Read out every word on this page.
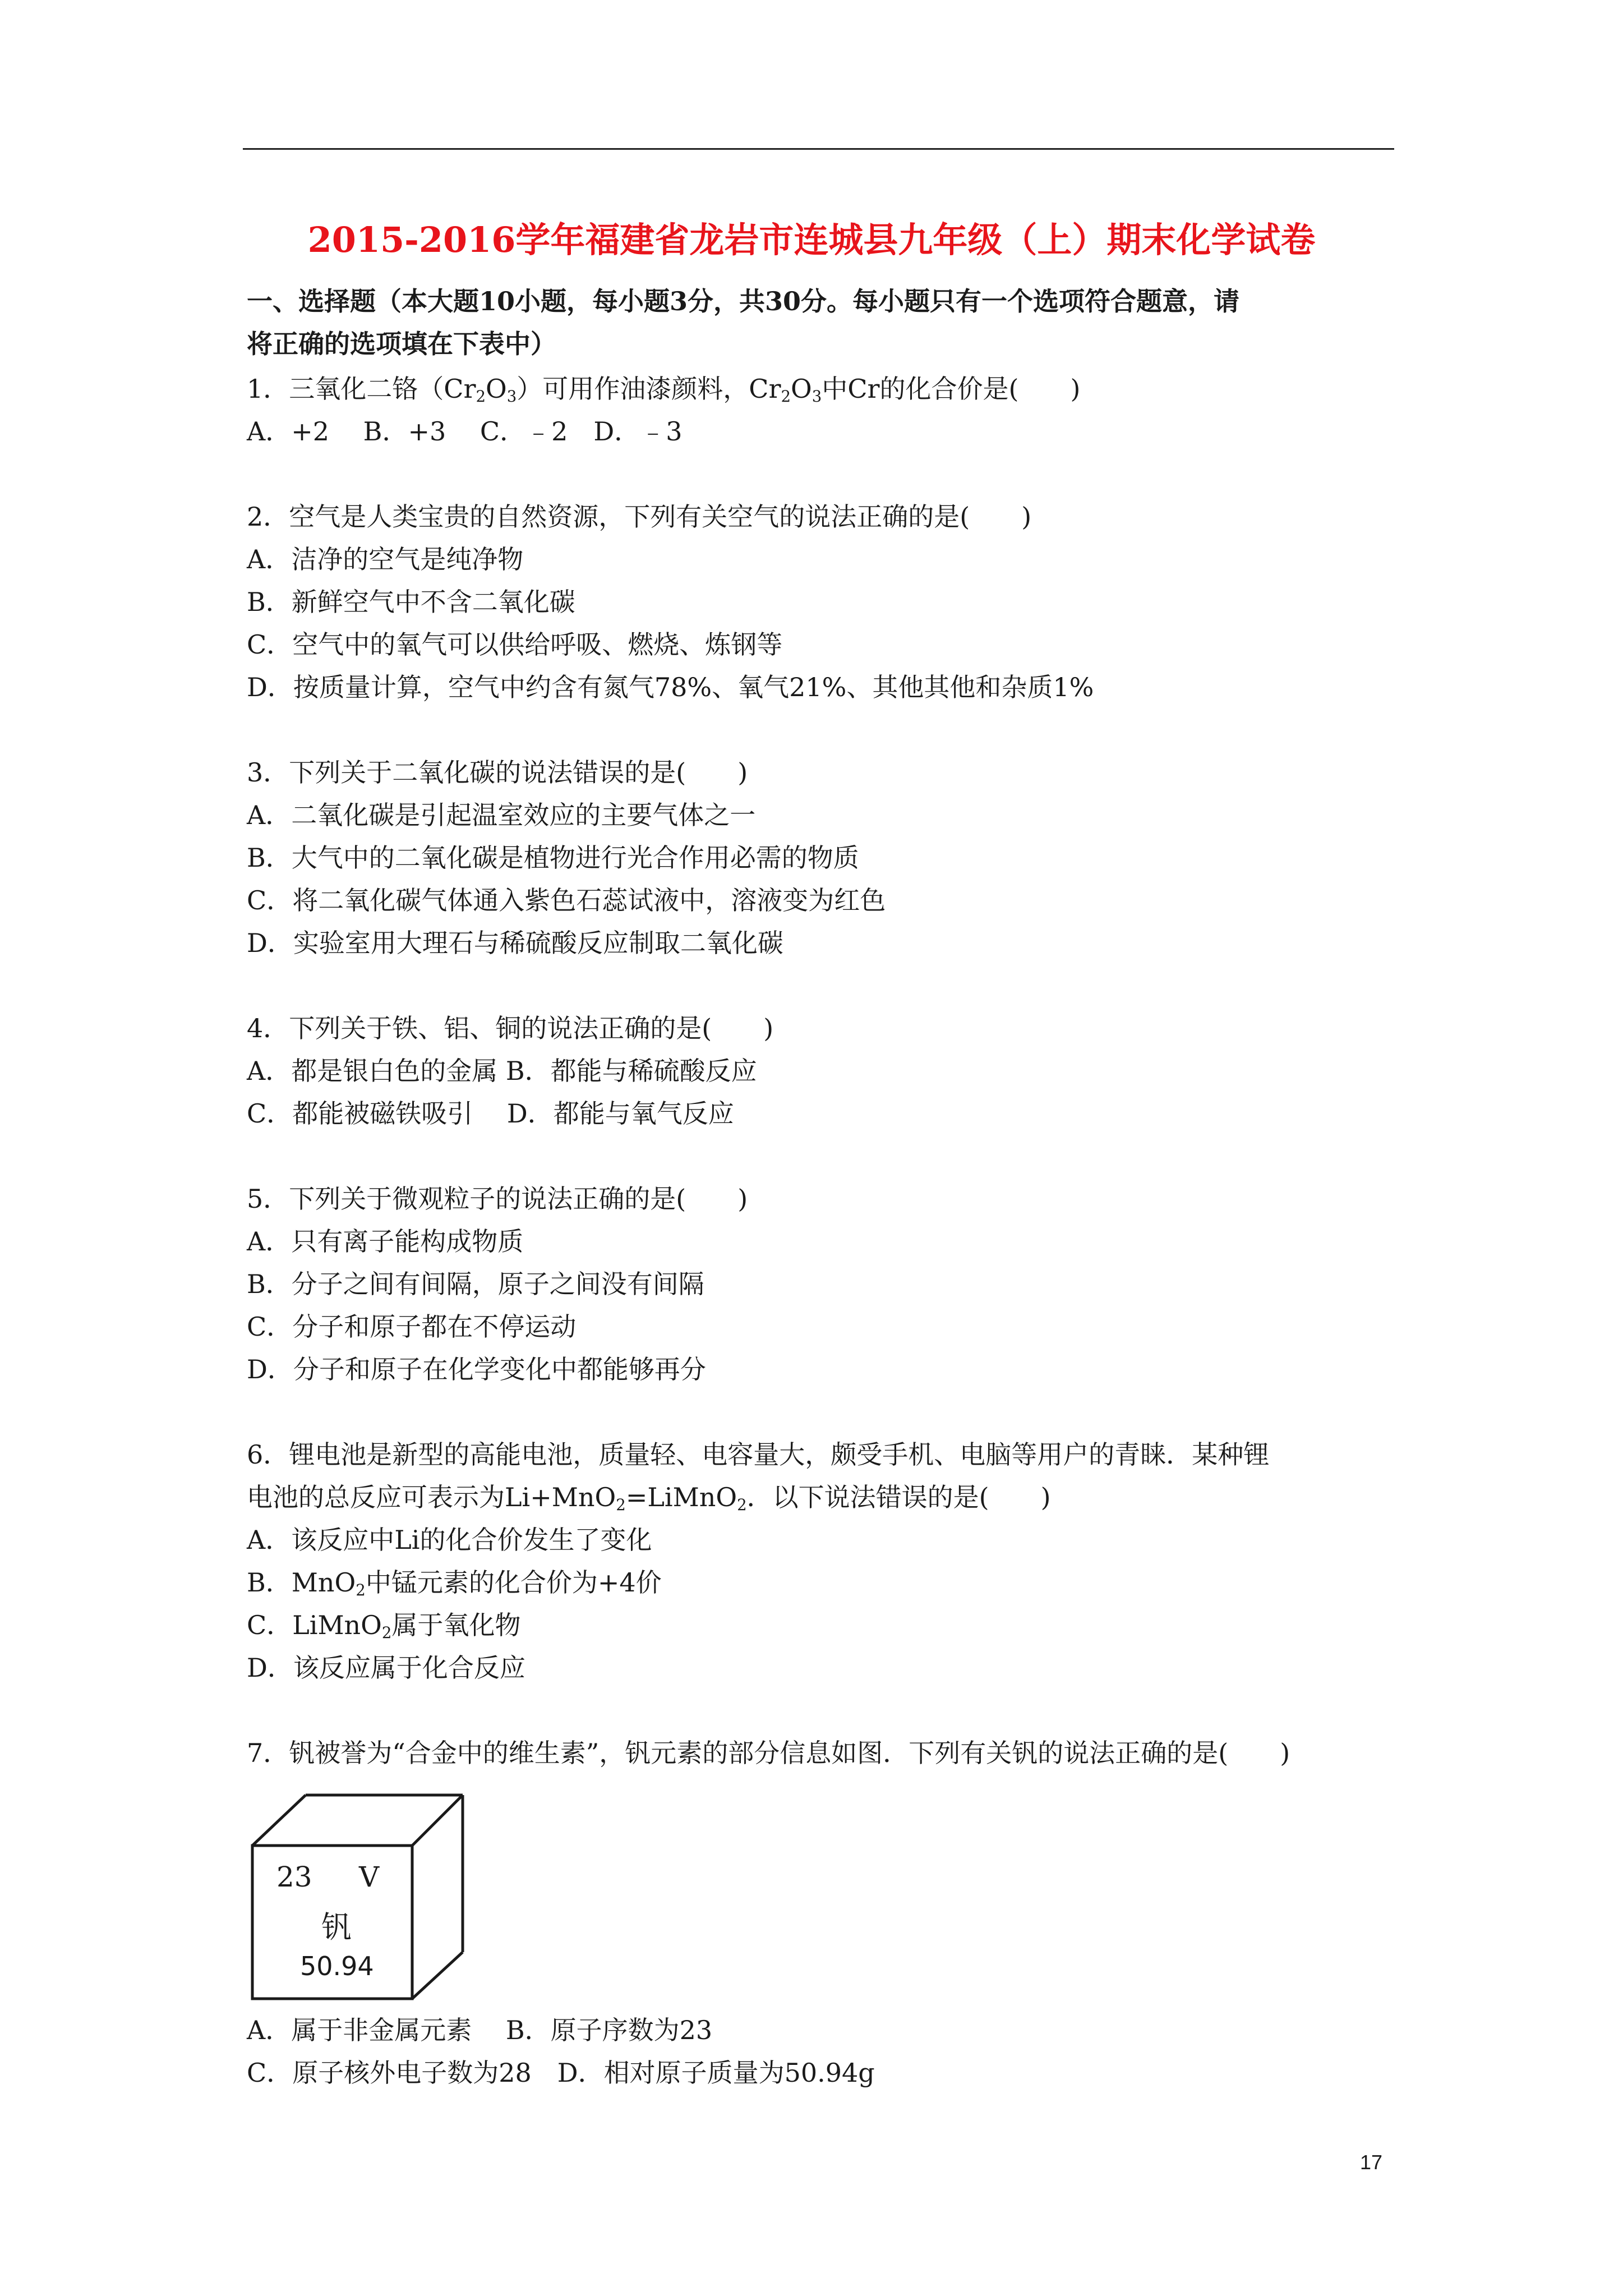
2015-2016学年福建省龙岩市连城县九年级（上）期末化学试卷
一、选择题（本大题10小题，每小题3分，共30分。每小题只有一个选项符合题意，请
将正确的选项填在下表中）
1．三氧化二铬$(Cr_2O_3)$可用作油漆颜料，$Cr_2O_3$中Cr的化合价是(　　)
A．+2　 B．+3　 C．﹣2　D．﹣3
2．空气是人类宝贵的自然资源，下列有关空气的说法正确的是(　　)
A．洁净的空气是纯净物
B．新鲜空气中不含二氧化碳
C．空气中的氧气可以供给呼吸、燃烧、炼钢等
D．按质量计算，空气中约含有氮气78%、氧气21%、其他其他和杂质1%
3．下列关于二氧化碳的说法错误的是(　　)
A．二氧化碳是引起温室效应的主要气体之一
B．大气中的二氧化碳是植物进行光合作用必需的物质
C．将二氧化碳气体通入紫色石蕊试液中，溶液变为红色
D．实验室用大理石与稀硫酸反应制取二氧化碳
4．下列关于铁、铝、铜的说法正确的是(　　)
A．都是银白色的金属 B．都能与稀硫酸反应
C．都能被磁铁吸引　 D．都能与氧气反应
5．下列关于微观粒子的说法正确的是(　　)
A．只有离子能构成物质
B．分子之间有间隔，原子之间没有间隔
C．分子和原子都在不停运动
D．分子和原子在化学变化中都能够再分
6．锂电池是新型的高能电池，质量轻、电容量大，颇受手机、电脑等用户的青睐．某种锂
电池的总反应可表示为Li+MnO$_2$=LiMnO$_2$．以下说法错误的是(　　)
A．该反应中Li的化合价发生了变化
B．MnO$_2$中锰元素的化合价为+4价
C．LiMnO$_2$属于氧化物
D．该反应属于化合反应
7．钒被誉为“合金中的维生素”，钒元素的部分信息如图．下列有关钒的说法正确的是(　　)
23 V
钒
50.94
A．属于非金属元素　 B．原子序数为23
C．原子核外电子数为28　D．相对原子质量为50.94g
17
